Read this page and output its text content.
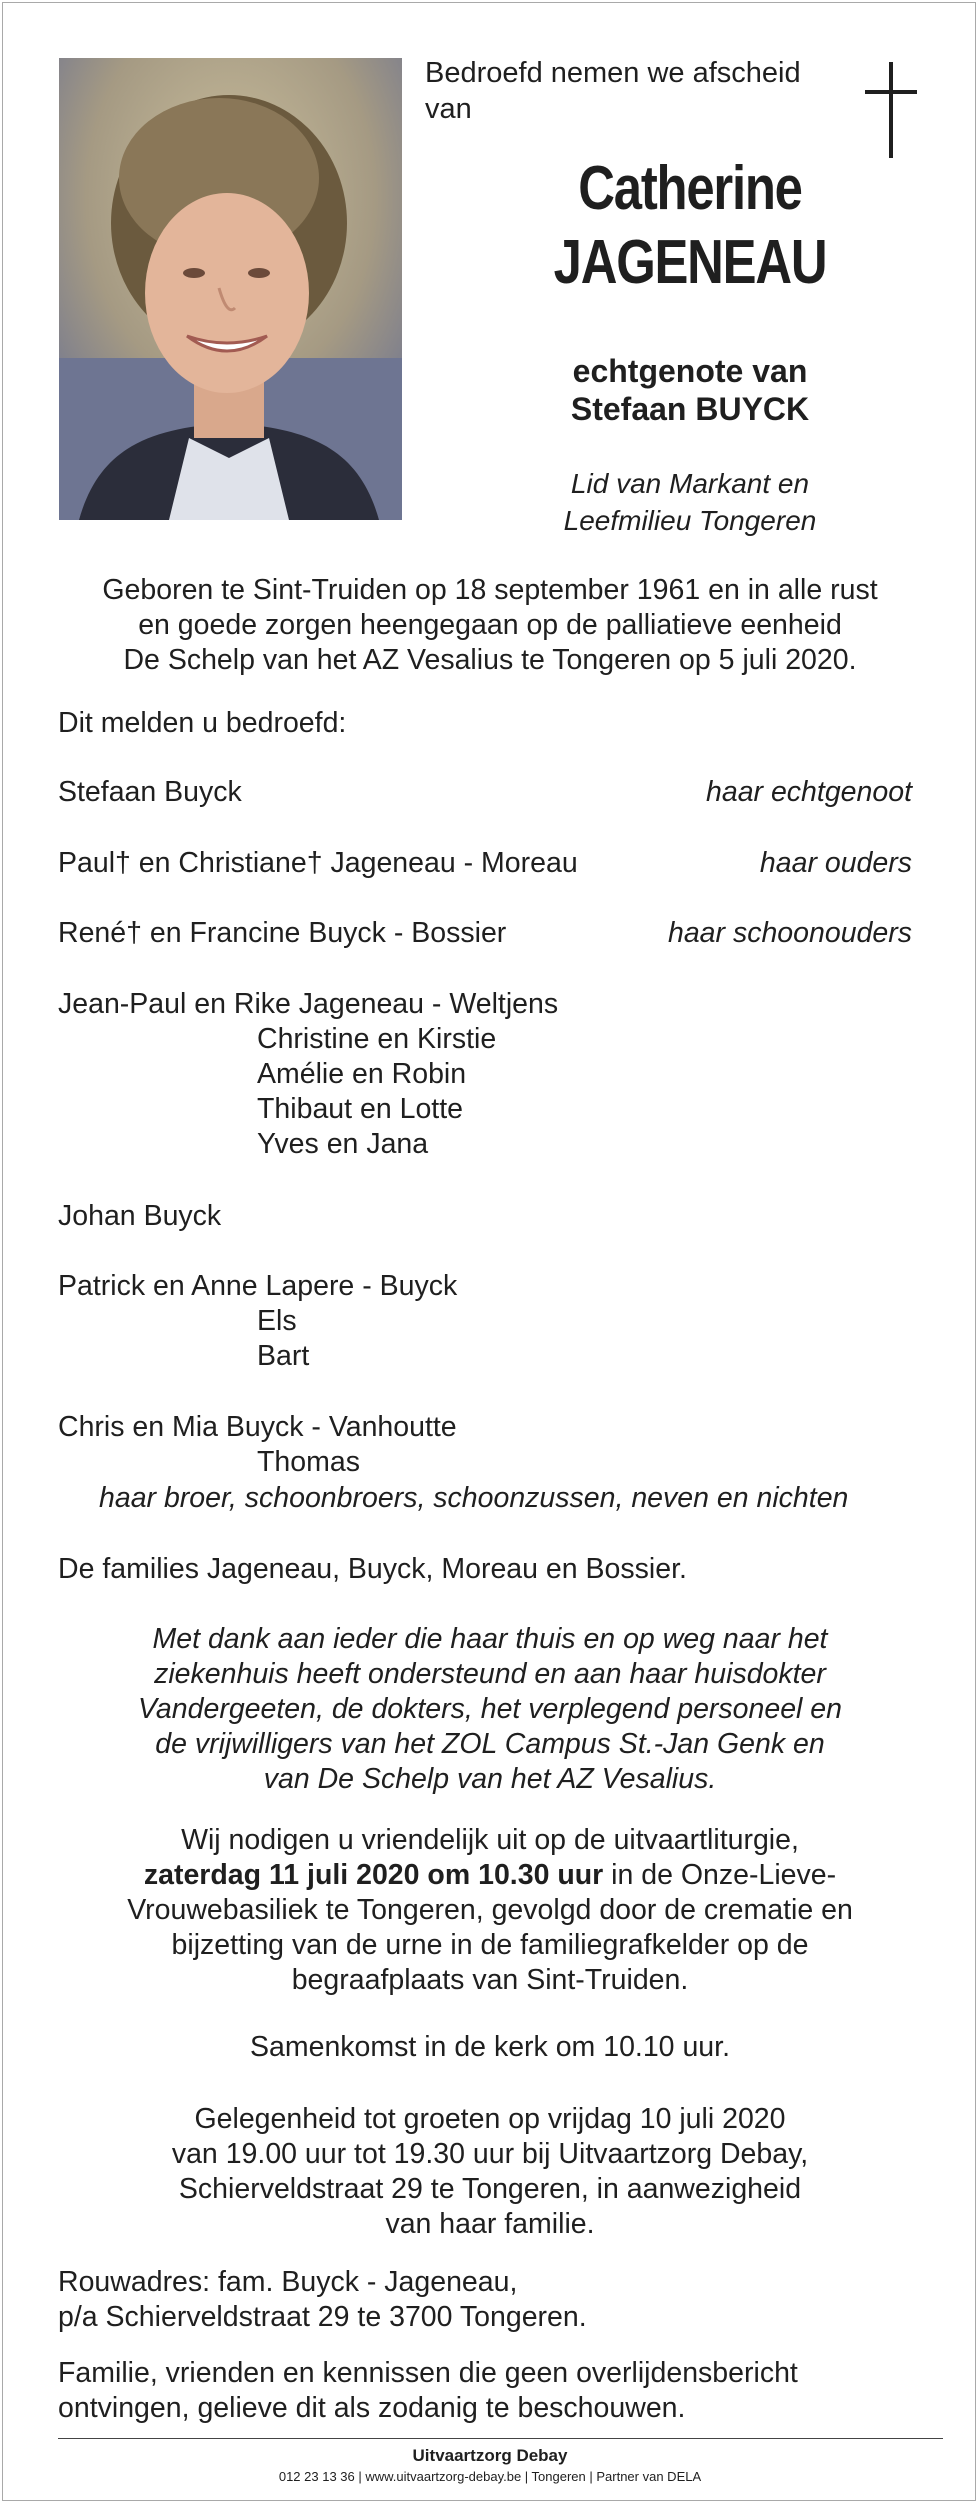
Bedroefd nemen we afscheid
van
Catherine
JAGENEAU
echtgenote van
Stefaan BUYCK
Lid van Markant en
Leefmilieu Tongeren
Geboren te Sint-Truiden op 18 september 1961 en in alle rust
en goede zorgen heengegaan op de palliatieve eenheid
De Schelp van het AZ Vesalius te Tongeren op 5 juli 2020.
Dit melden u bedroefd:
Stefaan Buyck	haar echtgenoot
Paul† en Christiane† Jageneau - Moreau	haar ouders
René† en Francine Buyck - Bossier	haar schoonouders
Jean-Paul en Rike Jageneau - Weltjens
Christine en Kirstie
Amélie en Robin
Thibaut en Lotte
Yves en Jana
Johan Buyck
Patrick en Anne Lapere - Buyck
Els
Bart
Chris en Mia Buyck - Vanhoutte
Thomas
haar broer, schoonbroers, schoonzussen, neven en nichten
De families Jageneau, Buyck, Moreau en Bossier.
Met dank aan ieder die haar thuis en op weg naar het
ziekenhuis heeft ondersteund en aan haar huisdokter
Vandergeeten, de dokters, het verplegend personeel en
de vrijwilligers van het ZOL Campus St.-Jan Genk en
van De Schelp van het AZ Vesalius.
Wij nodigen u vriendelijk uit op de uitvaartliturgie,
zaterdag 11 juli 2020 om 10.30 uur in de Onze-Lieve-
Vrouwebasiliek te Tongeren, gevolgd door de crematie en
bijzetting van de urne in de familiegrafkelder op de
begraafplaats van Sint-Truiden.
Samenkomst in de kerk om 10.10 uur.
Gelegenheid tot groeten op vrijdag 10 juli 2020
van 19.00 uur tot 19.30 uur bij Uitvaartzorg Debay,
Schierveldstraat 29 te Tongeren, in aanwezigheid
van haar familie.
Rouwadres: fam. Buyck - Jageneau,
p/a Schierveldstraat 29 te 3700 Tongeren.
Familie, vrienden en kennissen die geen overlijdensbericht
ontvingen, gelieve dit als zodanig te beschouwen.
Uitvaartzorg Debay
012 23 13 36 | www.uitvaartzorg-debay.be | Tongeren | Partner van DELA
